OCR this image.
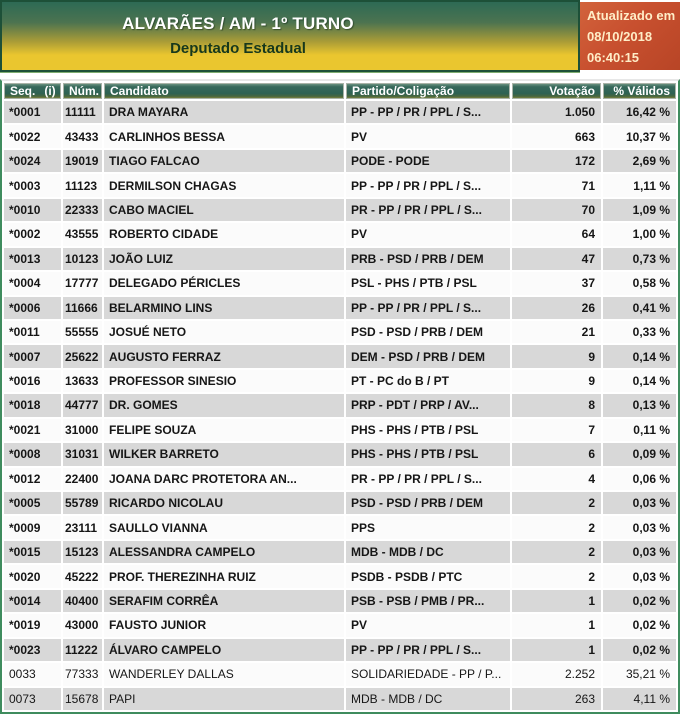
ALVARÃES / AM - 1º TURNO
Deputado Estadual
Atualizado em
08/10/2018
06:40:15
Seq. (i)	Núm.	Candidato	Partido/Coligação	Votação	% Válidos
*0001	11111	DRA MAYARA	PP - PP / PR / PPL / S...	1.050	16,42 %
*0022	43433	CARLINHOS BESSA	PV	663	10,37 %
*0024	19019	TIAGO FALCAO	PODE - PODE	172	2,69 %
*0003	11123	DERMILSON CHAGAS	PP - PP / PR / PPL / S...	71	1,11 %
*0010	22333	CABO MACIEL	PR - PP / PR / PPL / S...	70	1,09 %
*0002	43555	ROBERTO CIDADE	PV	64	1,00 %
*0013	10123	JOÃO LUIZ	PRB - PSD / PRB / DEM	47	0,73 %
*0004	17777	DELEGADO PÉRICLES	PSL - PHS / PTB / PSL	37	0,58 %
*0006	11666	BELARMINO LINS	PP - PP / PR / PPL / S...	26	0,41 %
*0011	55555	JOSUÉ NETO	PSD - PSD / PRB / DEM	21	0,33 %
*0007	25622	AUGUSTO FERRAZ	DEM - PSD / PRB / DEM	9	0,14 %
*0016	13633	PROFESSOR SINESIO	PT - PC do B / PT	9	0,14 %
*0018	44777	DR. GOMES	PRP - PDT / PRP / AV...	8	0,13 %
*0021	31000	FELIPE SOUZA	PHS - PHS / PTB / PSL	7	0,11 %
*0008	31031	WILKER BARRETO	PHS - PHS / PTB / PSL	6	0,09 %
*0012	22400	JOANA DARC PROTETORA AN...	PR - PP / PR / PPL / S...	4	0,06 %
*0005	55789	RICARDO NICOLAU	PSD - PSD / PRB / DEM	2	0,03 %
*0009	23111	SAULLO VIANNA	PPS	2	0,03 %
*0015	15123	ALESSANDRA CAMPELO	MDB - MDB / DC	2	0,03 %
*0020	45222	PROF. THEREZINHA RUIZ	PSDB - PSDB / PTC	2	0,03 %
*0014	40400	SERAFIM CORRÊA	PSB - PSB / PMB / PR...	1	0,02 %
*0019	43000	FAUSTO JUNIOR	PV	1	0,02 %
*0023	11222	ÁLVARO CAMPELO	PP - PP / PR / PPL / S...	1	0,02 %
0033	77333	WANDERLEY DALLAS	SOLIDARIEDADE - PP / P...	2.252	35,21 %
0073	15678	PAPI	MDB - MDB / DC	263	4,11 %
